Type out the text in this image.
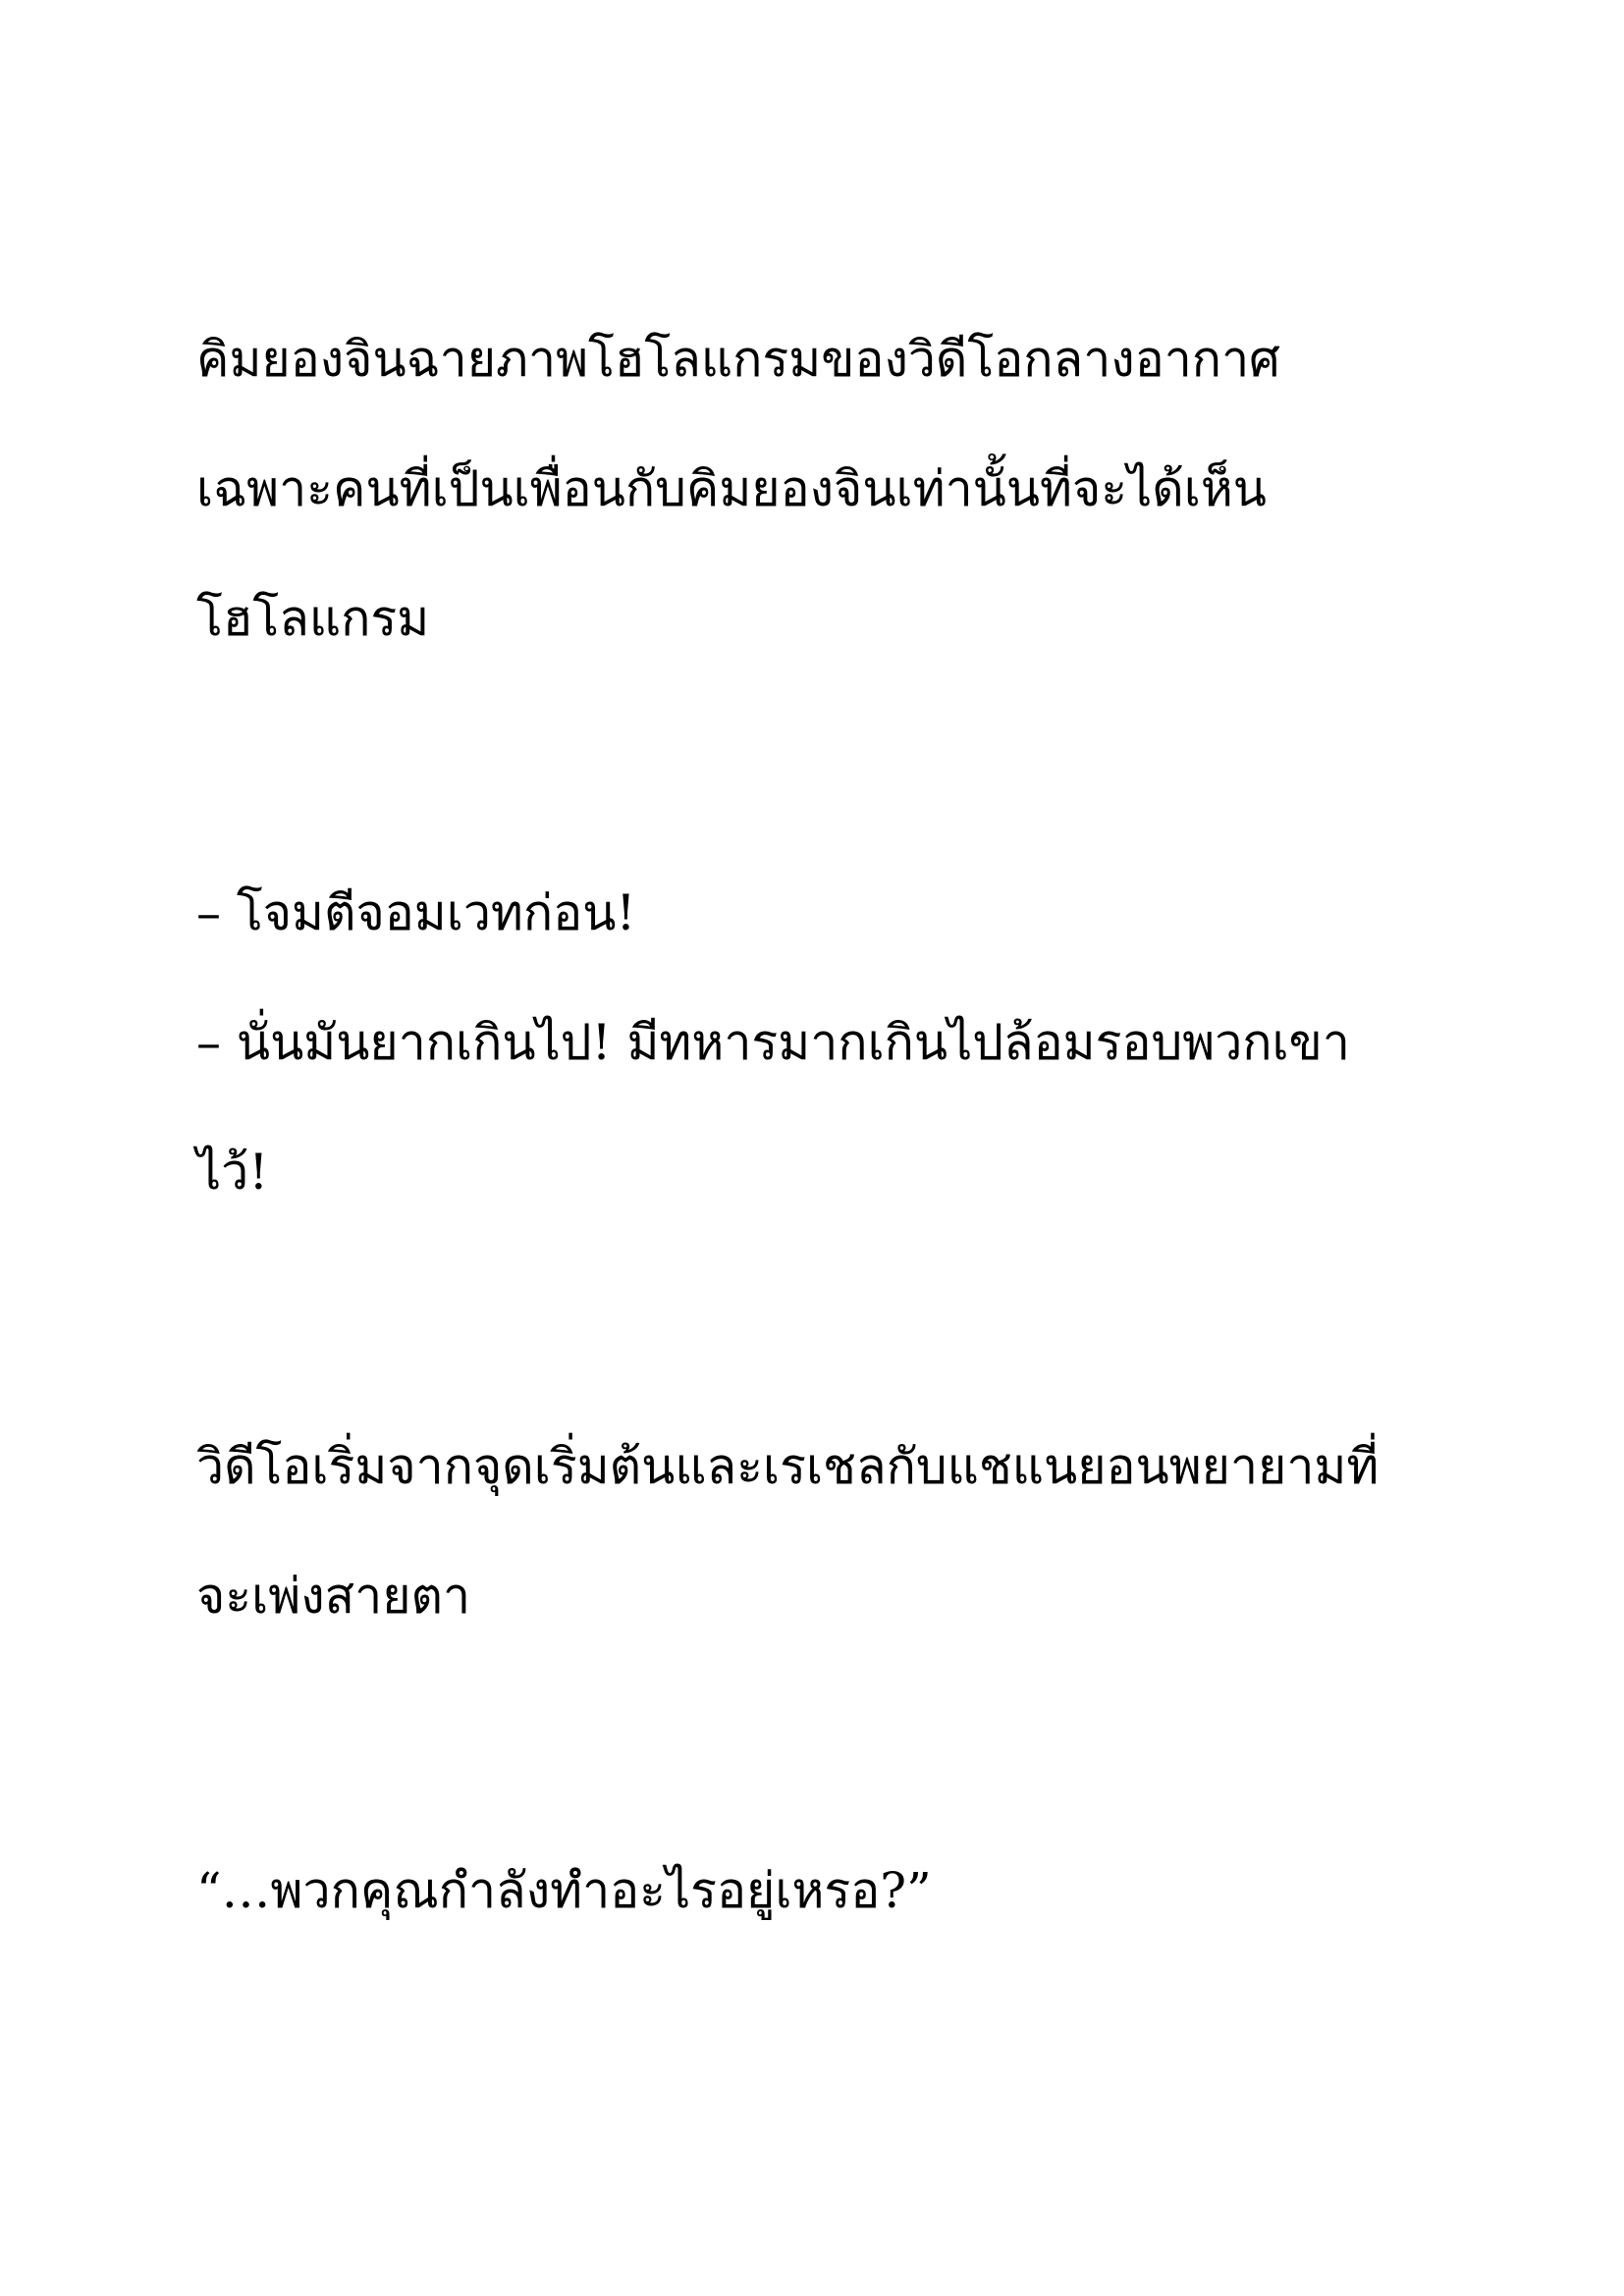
คิมยองจินฉายภาพโฮโลแกรมของวิดีโอกลางอากาศ
เฉพาะคนที่เป็นเพื่อนกับคิมยองจินเท่านั้นที่จะได้เห็น
โฮโลแกรม
– โจมตีจอมเวทก่อน!
– นั่นมันยากเกินไป! มีทหารมากเกินไปล้อมรอบพวกเขา
ไว้!
วิดีโอเริ่มจากจุดเริ่มต้นและเรเชลกับแชแนยอนพยายามที่
จะเพ่งสายตา
“…พวกคุณกำลังทำอะไรอยู่เหรอ?”
